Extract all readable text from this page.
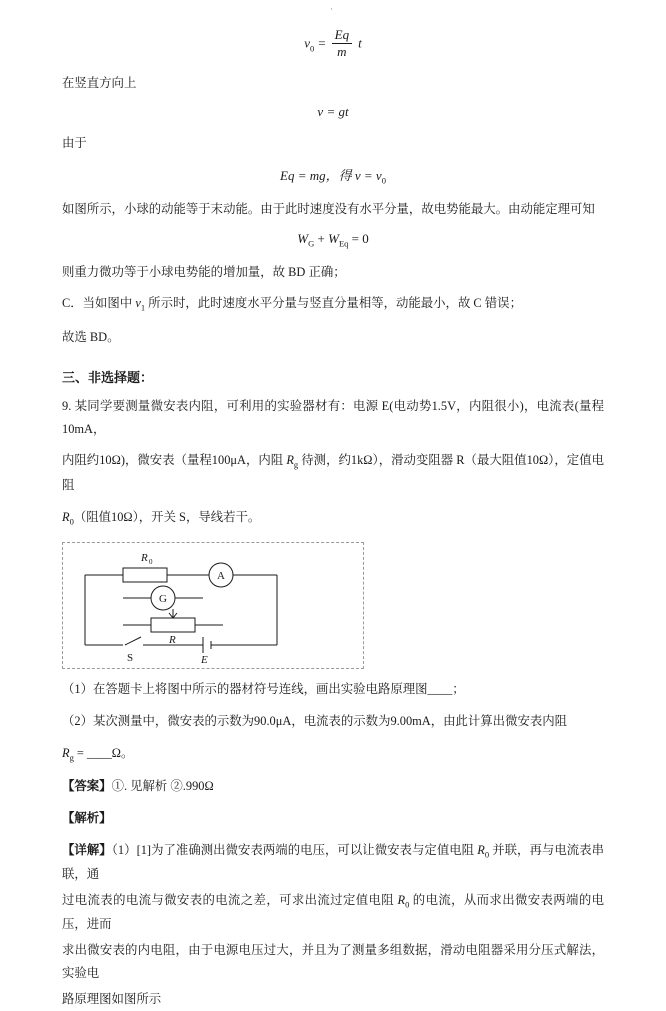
·
$v_0 = \frac{Eq}{m}$ t
在竖直方向上
v = gt
由于
Eq = mg，得 $v = v_0$
如图所示，小球的动能等于末动能。由于此时速度没有水平分量，故电势能最大。由动能定理可知
$W_G + W_{Eq} = 0$
则重力微功等于小球电势能的增加量，故 BD 正确；
C．当如图中 $v_1$ 所示时，此时速度水平分量与竖直分量相等，动能最小，故 C 错误；
故选 BD。
三、非选择题：
9. 某同学要测量微安表内阻，可利用的实验器材有：电源 E(电动势1.5V，内阻很小)，电流表(量程10mA，
内阻约10Ω)，微安表（量程100μA，内阻 $R_g$ 待测，约1kΩ），滑动变阻器 R（最大阻值10Ω），定值电阻
$R_0$（阻值10Ω），开关 S，导线若干。
R 0
A
G
R
S	E
（1）在答题卡上将图中所示的器材符号连线，画出实验电路原理图____；
（2）某次测量中，微安表的示数为90.0μA，电流表的示数为9.00mA，由此计算出微安表内阻
$R_g$ = ____Ω。
【答案】①. 见解析 ②.990Ω
【解析】
【详解】（1）[1]为了准确测出微安表两端的电压，可以让微安表与定值电阻 $R_0$ 并联，再与电流表串联，通
过电流表的电流与微安表的电流之差，可求出流过定值电阻 $R_0$ 的电流，从而求出微安表两端的电压，进而
求出微安表的内电阻，由于电源电压过大，并且为了测量多组数据，滑动电阻器采用分压式解法，实验电
路原理图如图所示
